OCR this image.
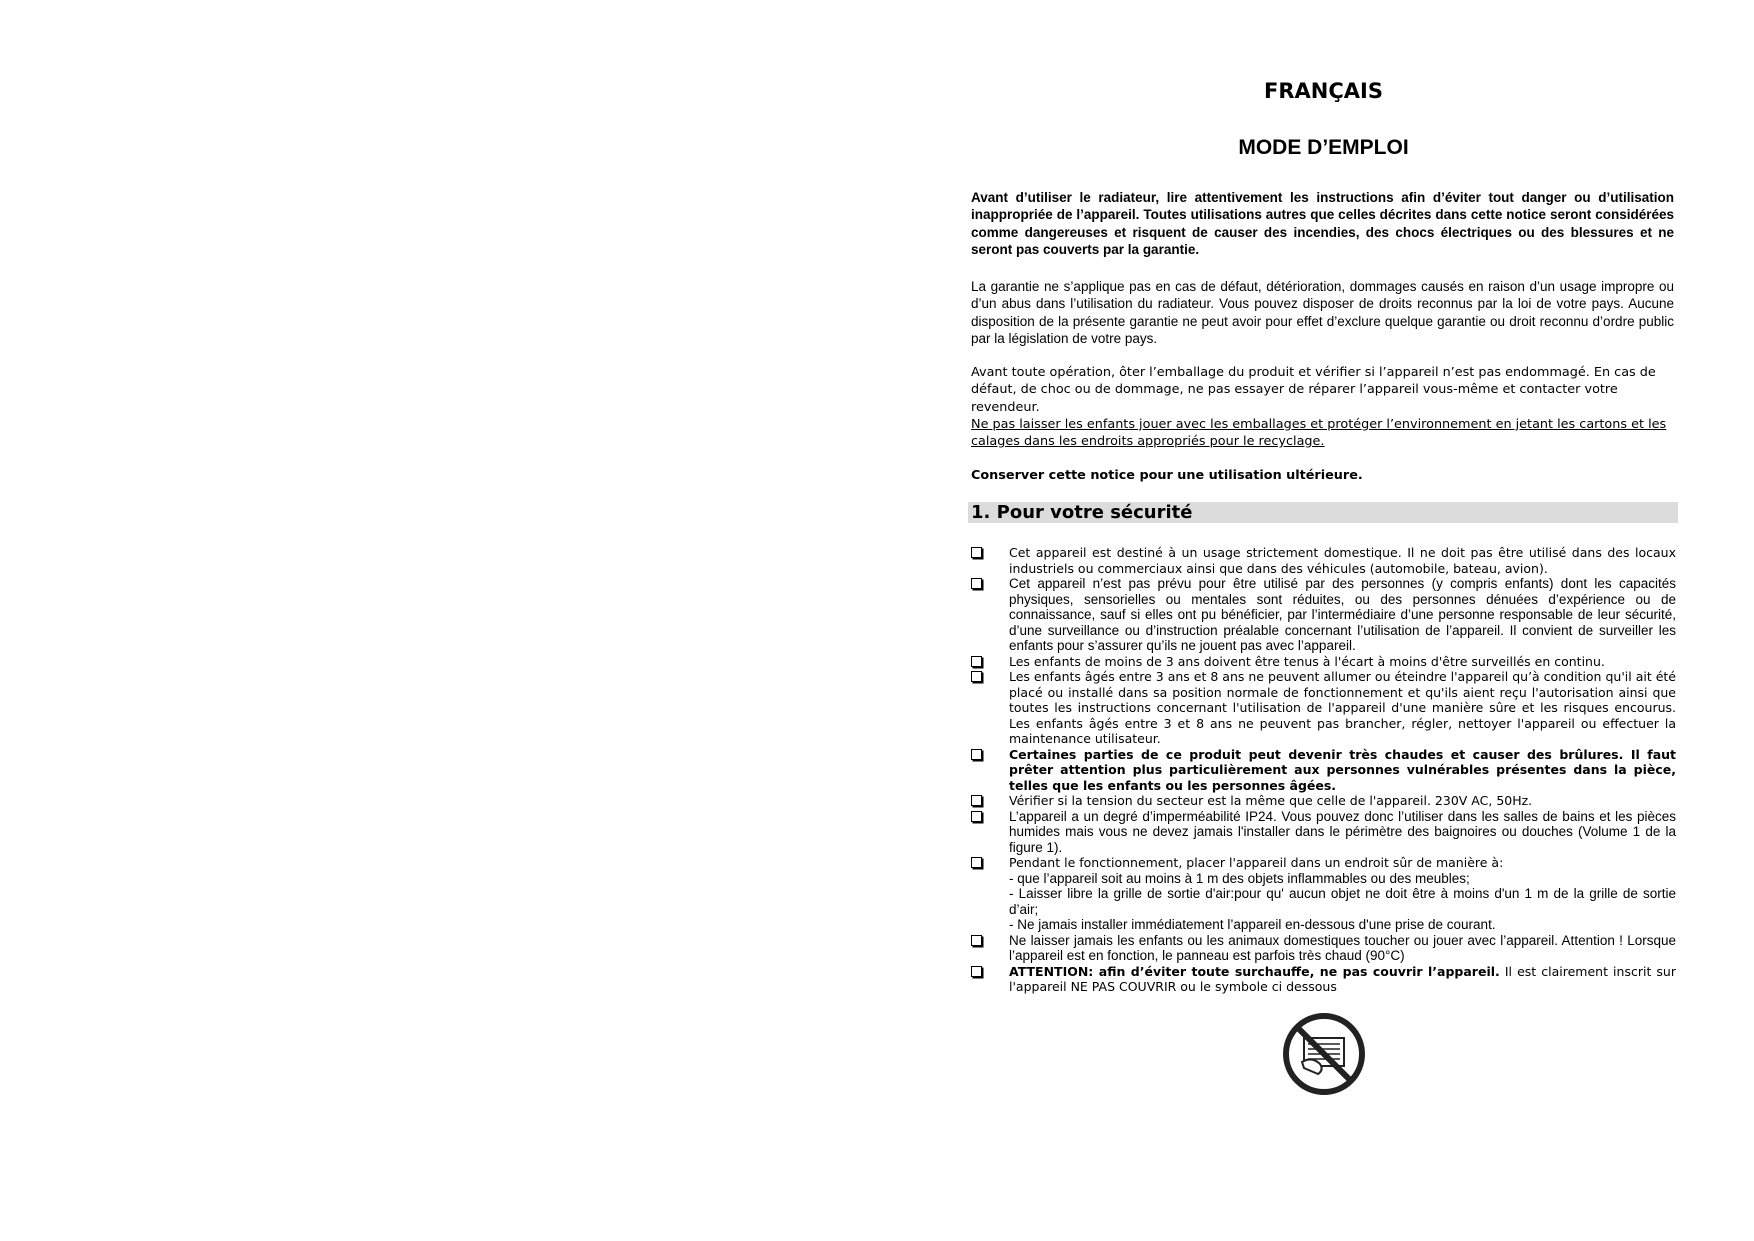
FRANÇAIS
MODE D’EMPLOI
Avant d’utiliser le radiateur, lire attentivement les instructions afin d’éviter tout danger ou d’utilisation inappropriée de l’appareil. Toutes utilisations autres que celles décrites dans cette notice seront considérées comme dangereuses et risquent de causer des incendies, des chocs électriques ou des blessures et ne seront pas couverts par la garantie.
La garantie ne s’applique pas en cas de défaut, détérioration, dommages causés en raison d’un usage impropre ou d’un abus dans l’utilisation du radiateur. Vous pouvez disposer de droits reconnus par la loi de votre pays. Aucune disposition de la présente garantie ne peut avoir pour effet d’exclure quelque garantie ou droit reconnu d’ordre public par la législation de votre pays.
Avant toute opération, ôter l’emballage du produit et vérifier si l’appareil n’est pas endommagé. En cas de défaut, de choc ou de dommage, ne pas essayer de réparer l’appareil vous-même et contacter votre revendeur.
Ne pas laisser les enfants jouer avec les emballages et protéger l’environnement en jetant les cartons et les calages dans les endroits appropriés pour le recyclage.
Conserver cette notice pour une utilisation ultérieure.
1. Pour votre sécurité
Cet appareil est destiné à un usage strictement domestique. Il ne doit pas être utilisé dans des locaux industriels ou commerciaux ainsi que dans des véhicules (automobile, bateau, avion).
Cet appareil n’est pas prévu pour être utilisé par des personnes (y compris enfants) dont les capacités physiques, sensorielles ou mentales sont réduites, ou des personnes dénuées d’expérience ou de connaissance, sauf si elles ont pu bénéficier, par l’intermédiaire d’une personne responsable de leur sécurité, d’une surveillance ou d’instruction préalable concernant l’utilisation de l’appareil. Il convient de surveiller les enfants pour s’assurer qu’ils ne jouent pas avec l’appareil.
Les enfants de moins de 3 ans doivent être tenus à l'écart à moins d'être surveillés en continu.
Les enfants âgés entre 3 ans et 8 ans ne peuvent allumer ou éteindre l'appareil qu’à condition qu'il ait été placé ou installé dans sa position normale de fonctionnement et qu'ils aient reçu l'autorisation ainsi que toutes les instructions concernant l'utilisation de l'appareil d'une manière sûre et les risques encourus. Les enfants âgés entre 3 et 8 ans ne peuvent pas brancher, régler, nettoyer l'appareil ou effectuer la maintenance utilisateur.
Certaines parties de ce produit peut devenir très chaudes et causer des brûlures. Il faut prêter attention plus particulièrement aux personnes vulnérables présentes dans la pièce, telles que les enfants ou les personnes âgées.
Vérifier si la tension du secteur est la même que celle de l'appareil. 230V AC, 50Hz.
L’appareil a un degré d’imperméabilité IP24. Vous pouvez donc l’utiliser dans les salles de bains et les pièces humides mais vous ne devez jamais l'installer dans le périmètre des baignoires ou douches (Volume 1 de la figure 1).
Pendant le fonctionnement, placer l'appareil dans un endroit sûr de manière à:
- que l’appareil soit au moins à 1 m des objets inflammables ou des meubles;
- Laisser libre la grille de sortie d'air:pour qu' aucun objet ne doit être à moins d'un 1 m de la grille de sortie d’air;
- Ne jamais installer immédiatement l’appareil en-dessous d'une prise de courant.
Ne laisser jamais les enfants ou les animaux domestiques toucher ou jouer avec l’appareil. Attention ! Lorsque l’appareil est en fonction, le panneau est parfois très chaud (90°C)
ATTENTION: afin d’éviter toute surchauffe, ne pas couvrir l’appareil. Il est clairement inscrit sur l'appareil NE PAS COUVRIR ou le symbole ci dessous
